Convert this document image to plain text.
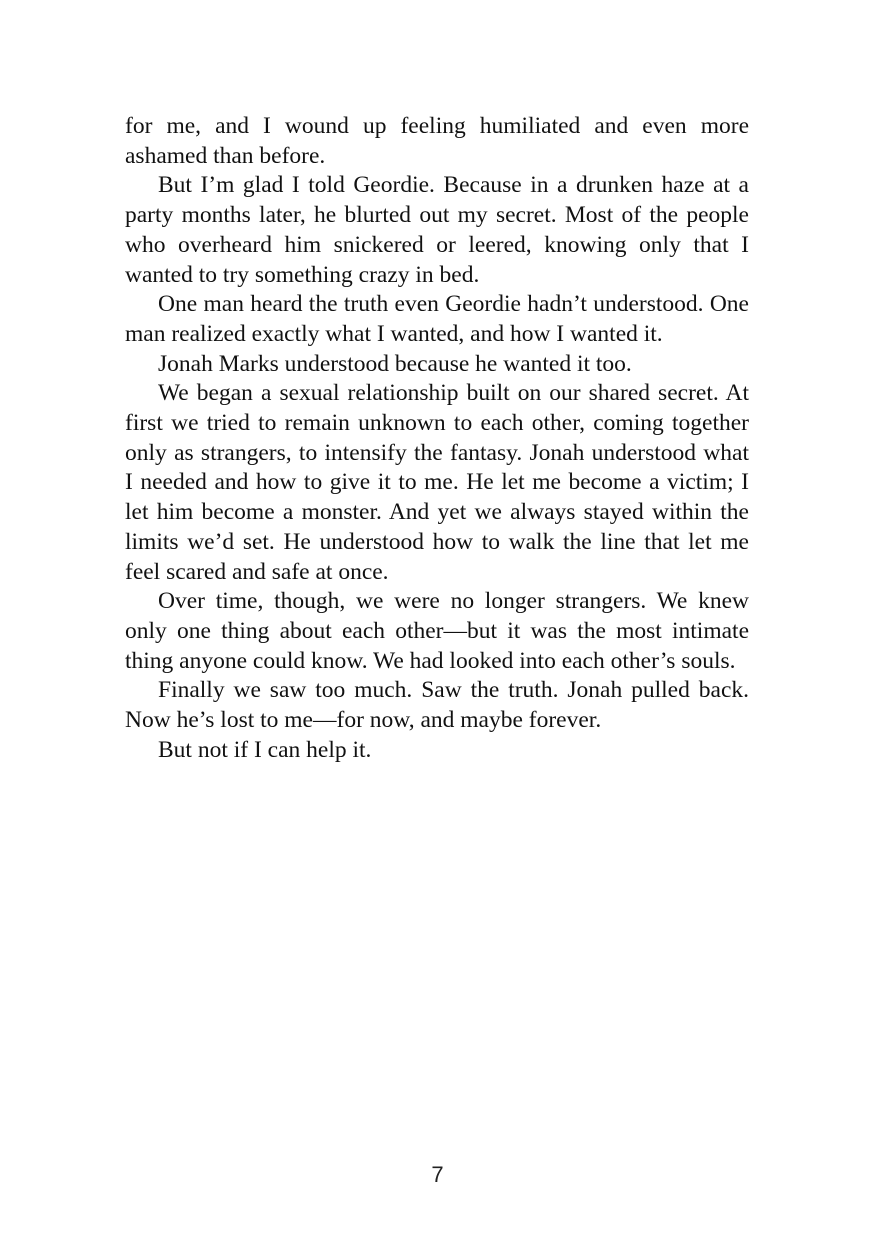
for me, and I wound up feeling humiliated and even more ashamed than before.

But I’m glad I told Geordie. Because in a drunken haze at a party months later, he blurted out my secret. Most of the people who overheard him snickered or leered, knowing only that I wanted to try something crazy in bed.

One man heard the truth even Geordie hadn’t understood. One man realized exactly what I wanted, and how I wanted it.

Jonah Marks understood because he wanted it too.

We began a sexual relationship built on our shared secret. At first we tried to remain unknown to each other, coming together only as strangers, to intensify the fantasy. Jonah understood what I needed and how to give it to me. He let me become a victim; I let him become a monster. And yet we always stayed within the limits we’d set. He understood how to walk the line that let me feel scared and safe at once.

Over time, though, we were no longer strangers. We knew only one thing about each other—but it was the most intimate thing anyone could know. We had looked into each other’s souls.

Finally we saw too much. Saw the truth. Jonah pulled back. Now he’s lost to me—for now, and maybe forever.

But not if I can help it.

7
